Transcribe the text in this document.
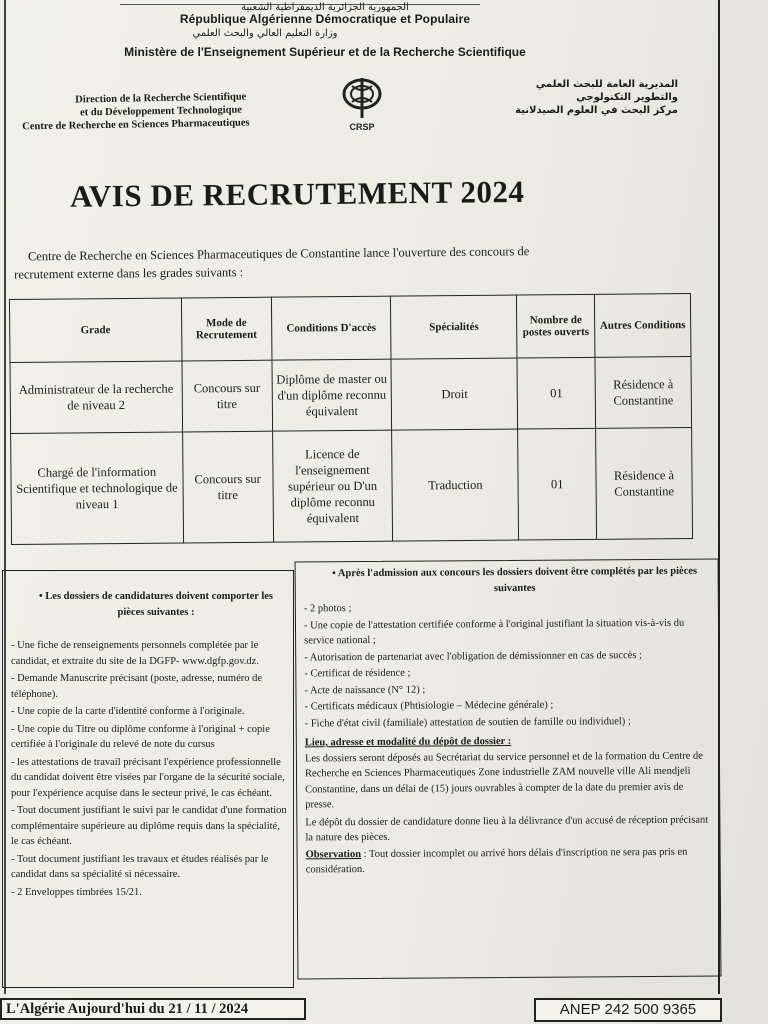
الجمهورية الجزائرية الديمقراطية الشعبية
République Algérienne Démocratique et Populaire
وزارة التعليم العالي والبحث العلمي
Ministère de l'Enseignement Supérieur et de la Recherche Scientifique
Direction de la Recherche Scientifique
et du Développement Technologique
Centre de Recherche en Sciences Pharmaceutiques	CRSP
المديرية العامة للبحث العلمي
والتطوير التكنولوجي
مركز البحث في العلوم الصيدلانية
AVIS DE RECRUTEMENT 2024
Centre de Recherche en Sciences Pharmaceutiques de Constantine lance l'ouverture des concours de
recrutement externe dans les grades suivants :
Grade	Mode de Recrutement	Conditions D'accès	Spécialités	Nombre de postes ouverts	Autres Conditions
Administrateur de la recherche de niveau 2	Concours sur titre	Diplôme de master ou d'un diplôme reconnu équivalent	Droit	01	Résidence à Constantine
Chargé de l'information Scientifique et technologique de niveau 1	Concours sur titre	Licence de l'enseignement supérieur ou D'un diplôme reconnu équivalent	Traduction	01	Résidence à Constantine
• Les dossiers de candidatures doivent comporter les pièces suivantes :
- Une fiche de renseignements personnels complétée par le candidat, et extraite du site de la DGFP- www.dgfp.gov.dz.
- Demande Manuscrite précisant (poste, adresse, numéro de téléphone).
- Une copie de la carte d'identité conforme à l'originale.
- Une copie du Titre ou diplôme conforme à l'original + copie certifiée à l'originale du relevé de note du cursus
- les attestations de travail précisant l'expérience professionnelle du candidat doivent être visées par l'organe de la sécurité sociale, pour l'expérience acquise dans le secteur privé, le cas échéant.
- Tout document justifiant le suivi par le candidat d'une formation complémentaire supérieure au diplôme requis dans la spécialité, le cas échéant.
- Tout document justifiant les travaux et études réalisés par le candidat dans sa spécialité si nécessaire.
- 2 Enveloppes timbrées 15/21.
• Après l'admission aux concours les dossiers doivent être complétés par les pièces suivantes
- 2 photos ;
- Une copie de l'attestation certifiée conforme à l'original justifiant la situation vis-à-vis du service national ;
- Autorisation de partenariat avec l'obligation de démissionner en cas de succès ;
- Certificat de résidence ;
- Acte de naissance (N° 12) ;
- Certificats médicaux (Phtisiologie – Médecine générale) ;
- Fiche d'état civil (familiale) attestation de soutien de famille ou individuel) ;
Lieu, adresse et modalité du dépôt de dossier :
Les dossiers seront déposés au Secrétariat du service personnel et de la formation du Centre de Recherche en Sciences Pharmaceutiques Zone industrielle ZAM nouvelle ville Ali mendjeli Constantine, dans un délai de (15) jours ouvrables à compter de la date du premier avis de presse.
Le dépôt du dossier de candidature donne lieu à la délivrance d'un accusé de réception précisant la nature des pièces.
Observation : Tout dossier incomplet ou arrivé hors délais d'inscription ne sera pas pris en considération.
L'Algérie Aujourd'hui du 21 / 11 / 2024	ANEP 242 500 9365
